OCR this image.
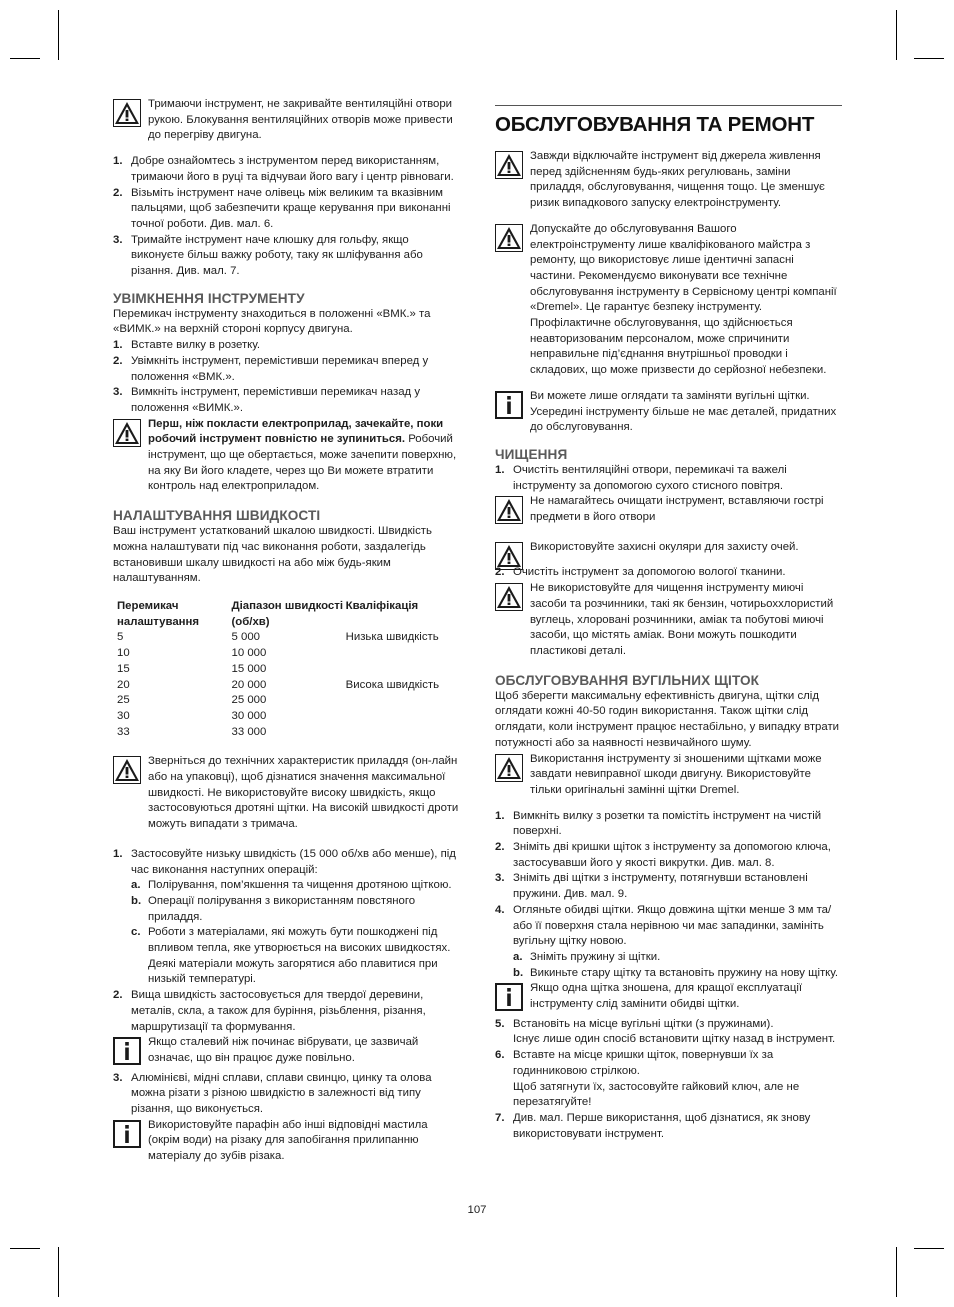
Тримаючи інструмент, не закривайте вентиляційні отвори рукою. Блокування вентиляційних отворів може привести до перегріву двигуна.

1. Добре ознайомтесь з інструментом перед використанням, тримаючи його в руці та відчуваи його вагу і центр рівноваги.
2. Візьміть інструмент наче олівець між великим та вказівним пальцями, щоб забезпечити краще керування при виконанні точної роботи. Див. мал. 6.
3. Тримайте інструмент наче клюшку для гольфу, якщо виконуєте більш важку роботу, таку як шліфування або різання. Див. мал. 7.
УВІМКНЕННЯ ІНСТРУМЕНТУ

Перемикач інструменту знаходиться в положенні «ВМК.» та «ВИМК.» на верхній стороні корпусу двигуна.

1. Вставте вилку в розетку.
2. Увімкніть інструмент, перемістивши перемикач вперед у положення «ВМК.».
3. Вимкніть інструмент, перемістивши перемикач назад у положення «ВИМК.».

Перш, ніж покласти електроприлад, зачекайте, поки робочий інструмент повністю не зупиниться. Робочий інструмент, що ще обертається, може зачепити поверхню, на яку Ви його кладете, через що Ви можете втратити контроль над електроприладом.

НАЛАШТУВАННЯ ШВИДКОСТІ

Ваш інструмент устаткований шкалою швидкості. Швидкість можна налаштувати під час виконання роботи, заздалегідь встановивши шкалу швидкості на або між будь-яким налаштуванням.

Перемикач налаштування	Діапазон швидкості (об/хв)	Кваліфікація
5	5 000	Низька швидкість
10	10 000	
15	15 000	
20	20 000	Висока швидкість
25	25 000	
30	30 000	
33	33 000	

Зверніться до технічних характеристик приладдя (он-лайн або на упаковці), щоб дізнатися значення максимальної швидкості. Не використовуйте високу швидкість, якщо застосовуються дротяні щітки. На високій швидкості дроти можуть випадати з тримача.

1. Застосовуйте низьку швидкість (15 000 об/хв або менше), під час виконання наступних операцій:
a. Полірування, пом’якшення та чищення дротяною щіткою.
b. Операції полірування з використанням повстяного приладдя.
c. Роботи з матеріалами, які можуть бути пошкоджені під впливом тепла, яке утворюється на високих швидкостях. Деякі матеріали можуть загорятися або плавитися при низькій температурі.
2. Вища швидкість застосовується для твердої деревини, металів, скла, а також для буріння, різьблення, різання, маршрутизації та формування.

Якщо сталевий ніж починає вібрувати, це зазвичай означає, що він працює дуже повільно.

3. Алюмінієві, мідні сплави, сплави свинцю, цинку та олова можна різати з різною швидкістю в залежності від типу різання, що виконується.

Використовуйте парафін або інші відповідні мастила (окрім води) на різаку для запобігання прилипанню матеріалу до зубів різака.

ОБСЛУГОВУВАННЯ ТА РЕМОНТ

Завжди відключайте інструмент від джерела живлення перед здійсненням будь-яких регулювань, заміни приладдя, обслуговування, чищення тощо. Це зменшує ризик випадкового запуску електроінструменту.

Допускайте до обслуговування Вашого електроінструменту лише кваліфікованого майстра з ремонту, що використовує лише ідентичні запасні частини. Рекомендуємо виконувати все технічне обслуговування інструменту в Сервісному центрі компанії «Dremel». Це гарантує безпеку інструменту. Профілактичне обслуговування, що здійснюється неавторизованим персоналом, може спричинити неправильне під’єднання внутрішньої проводки і складових, що може призвести до серйозної небезпеки.

Ви можете лише оглядати та заміняти вугільні щітки. Усередині інструменту більше не має деталей, придатних до обслуговування.

ЧИЩЕННЯ
1. Очистіть вентиляційні отвори, перемикачі та важелі інструменту за допомогою сухого стисного повітря.

Не намагайтесь очищати інструмент, вставляючи гострі предмети в його отвори

Використовуйте захисні окуляри для захисту очей.

2. Очистіть інструмент за допомогою вологої тканини.

Не використовуйте для чищення інструменту миючі засоби та розчинники, такі як бензин, чотирьоххлористий вуглець, хлоровані розчинники, аміак та побутові миючі засоби, що містять аміак. Вони можуть пошкодити пластикові деталі.

ОБСЛУГОВУВАННЯ ВУГІЛЬНИХ ЩІТОК

Щоб зберегти максимальну ефективність двигуна, щітки слід оглядати кожні 40-50 годин використання. Також щітки слід оглядати, коли інструмент працює нестабільно, у випадку втрати потужності або за наявності незвичайного шуму.

Використання інструменту зі зношеними щітками може завдати невиправної шкоди двигуну. Використовуйте тільки оригінальні замінні щітки Dremel.

1. Вимкніть вилку з розетки та помістіть інструмент на чистій поверхні.
2. Зніміть дві кришки щіток з інструменту за допомогою ключа, застосувавши його у якості викрутки. Див. мал. 8.
3. Зніміть дві щітки з інструменту, потягнувши встановлені пружини. Див. мал. 9.
4. Огляньте обидві щітки. Якщо довжина щітки менше 3 мм та/або її поверхня стала нерівною чи має западинки, замініть вугільну щітку новою.
a. Зніміть пружину зі щітки.
b. Викиньте стару щітку та встановіть пружину на нову щітку.

Якщо одна щітка зношена, для кращої експлуатації інструменту слід замінити обидві щітки.

5. Встановіть на місце вугільні щітки (з пружинами).
Існує лише один спосіб встановити щітку назад в інструмент.
6. Вставте на місце кришки щіток, повернувши їх за годинниковою стрілкою.
Щоб затягнути їх, застосовуйте гайковий ключ, але не перезатягуйте!
7. Див. мал. Перше використання, щоб дізнатися, як знову використовувати інструмент.
107
